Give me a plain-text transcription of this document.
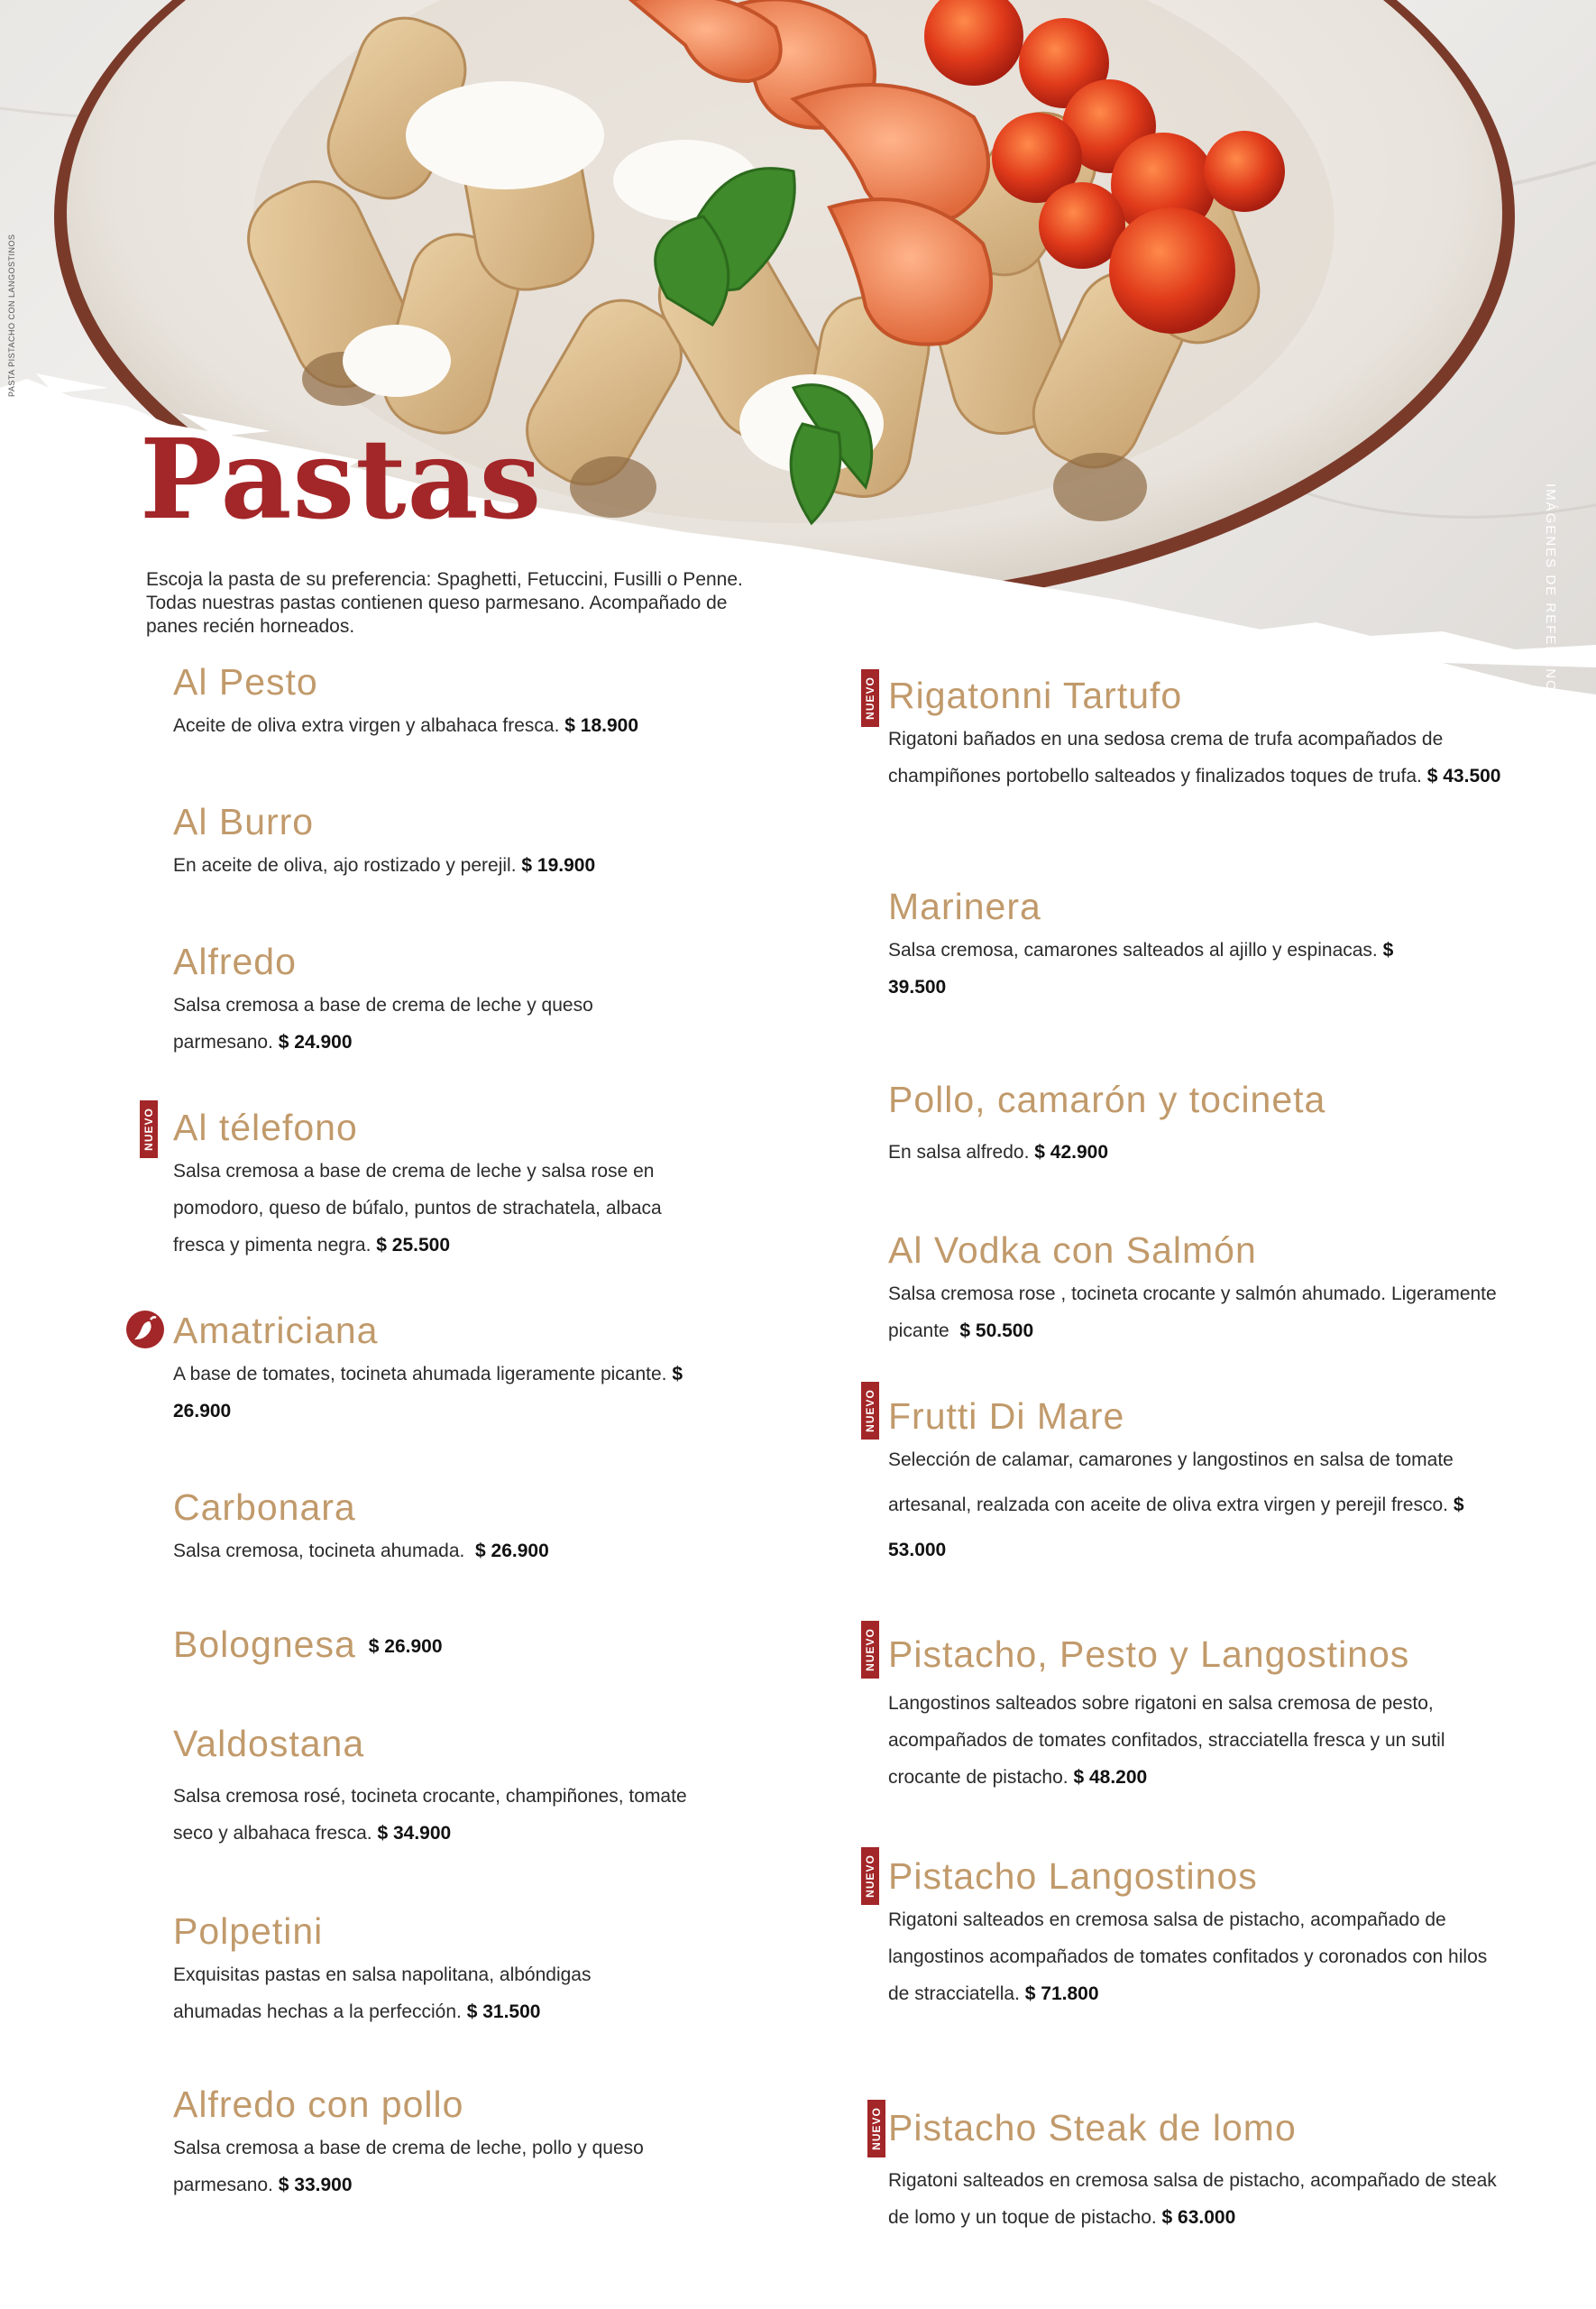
PASTA PISTACHO CON LANGOSTINOS
IMÁGENES DE REFERENCIA
Pastas

Escoja la pasta de su preferencia: Spaghetti, Fetuccini, Fusilli o Penne. Todas nuestras pastas contienen queso parmesano. Acompañado de panes recién horneados.

Al Pesto
Aceite de oliva extra virgen y albahaca fresca. $ 18.900
Al Burro
En aceite de oliva, ajo rostizado y perejil. $ 19.900
Alfredo
Salsa cremosa a base de crema de leche y queso parmesano. $ 24.900
NUEVO Al télefono
Salsa cremosa a base de crema de leche y salsa rose en pomodoro, queso de búfalo, puntos de strachatela, albaca fresca y pimenta negra. $ 25.500
Amatriciana
A base de tomates, tocineta ahumada ligeramente picante. $ 26.900
Carbonara
Salsa cremosa, tocineta ahumada. $ 26.900
Bolognesa $ 26.900
Valdostana
Salsa cremosa rosé, tocineta crocante, champiñones, tomate seco y albahaca fresca. $ 34.900
Polpetini
Exquisitas pastas en salsa napolitana, albóndigas ahumadas hechas a la perfección. $ 31.500
Alfredo con pollo
Salsa cremosa a base de crema de leche, pollo y queso parmesano. $ 33.900
NUEVO Rigatonni Tartufo
Rigatoni bañados en una sedosa crema de trufa acompañados de champiñones portobello salteados y finalizados toques de trufa. $ 43.500
Marinera
Salsa cremosa, camarones salteados al ajillo y espinacas. $ 39.500
Pollo, camarón y tocineta
En salsa alfredo. $ 42.900
Al Vodka con Salmón
Salsa cremosa rose , tocineta crocante y salmón ahumado. Ligeramente picante $ 50.500
NUEVO Frutti Di Mare
Selección de calamar, camarones y langostinos en salsa de tomate artesanal, realzada con aceite de oliva extra virgen y perejil fresco. $ 53.000
NUEVO Pistacho, Pesto y Langostinos
Langostinos salteados sobre rigatoni en salsa cremosa de pesto, acompañados de tomates confitados, stracciatella fresca y un sutil crocante de pistacho. $ 48.200
NUEVO Pistacho Langostinos
Rigatoni salteados en cremosa salsa de pistacho, acompañado de langostinos acompañados de tomates confitados y coronados con hilos de stracciatella. $ 71.800
NUEVO Pistacho Steak de lomo
Rigatoni salteados en cremosa salsa de pistacho, acompañado de steak de lomo y un toque de pistacho. $ 63.000
